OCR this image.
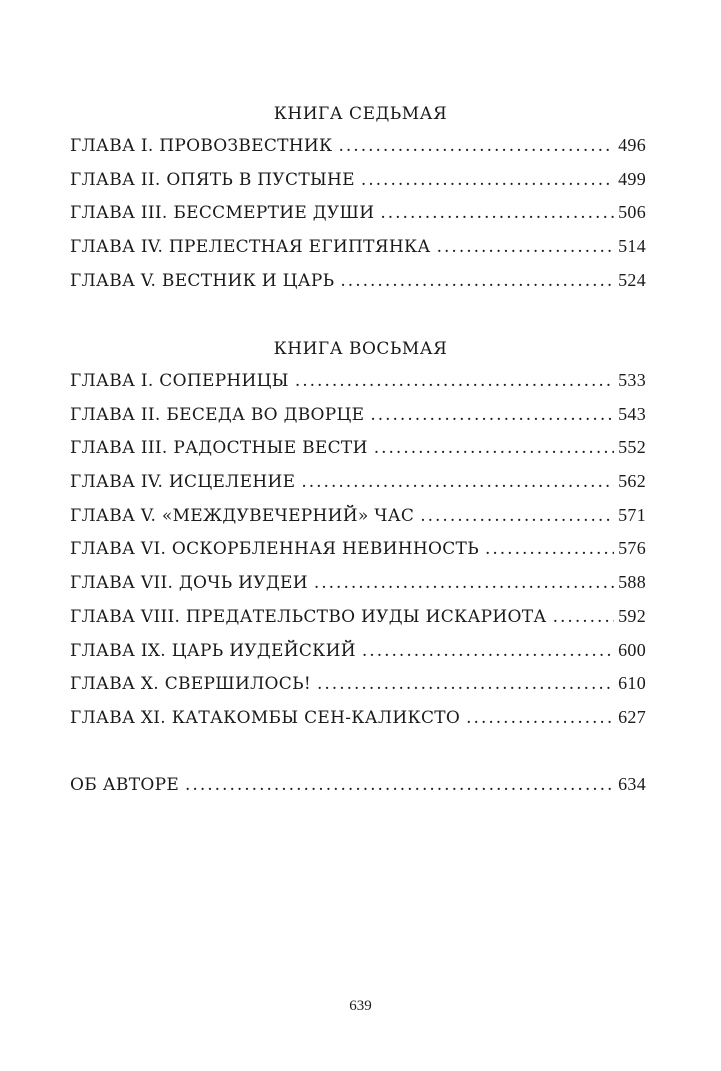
КНИГА СЕДЬМАЯ
ГЛАВА I. ПРОВОЗВЕСТНИК .....	496
ГЛАВА II. ОПЯТЬ В ПУСТЫНЕ .....	499
ГЛАВА III. БЕССМЕРТИЕ ДУШИ .....	506
ГЛАВА IV. ПРЕЛЕСТНАЯ ЕГИПТЯНКА .....	514
ГЛАВА V. ВЕСТНИК И ЦАРЬ .....	524
КНИГА ВОСЬМАЯ
ГЛАВА I. СОПЕРНИЦЫ .....	533
ГЛАВА II. БЕСЕДА ВО ДВОРЦЕ .....	543
ГЛАВА III. РАДОСТНЫЕ ВЕСТИ .....	552
ГЛАВА IV. ИСЦЕЛЕНИЕ .....	562
ГЛАВА V. «МЕЖДУВЕЧЕРНИЙ» ЧАС .....	571
ГЛАВА VI. ОСКОРБЛЕННАЯ НЕВИННОСТЬ .....	576
ГЛАВА VII. ДОЧЬ ИУДЕИ .....	588
ГЛАВА VIII. ПРЕДАТЕЛЬСТВО ИУДЫ ИСКАРИОТА .....	592
ГЛАВА IX. ЦАРЬ ИУДЕЙСКИЙ .....	600
ГЛАВА X. СВЕРШИЛОСЬ! .....	610
ГЛАВА XI. КАТАКОМБЫ СЕН-КАЛИКСТО .....	627
ОБ АВТОРЕ .....	634
639
